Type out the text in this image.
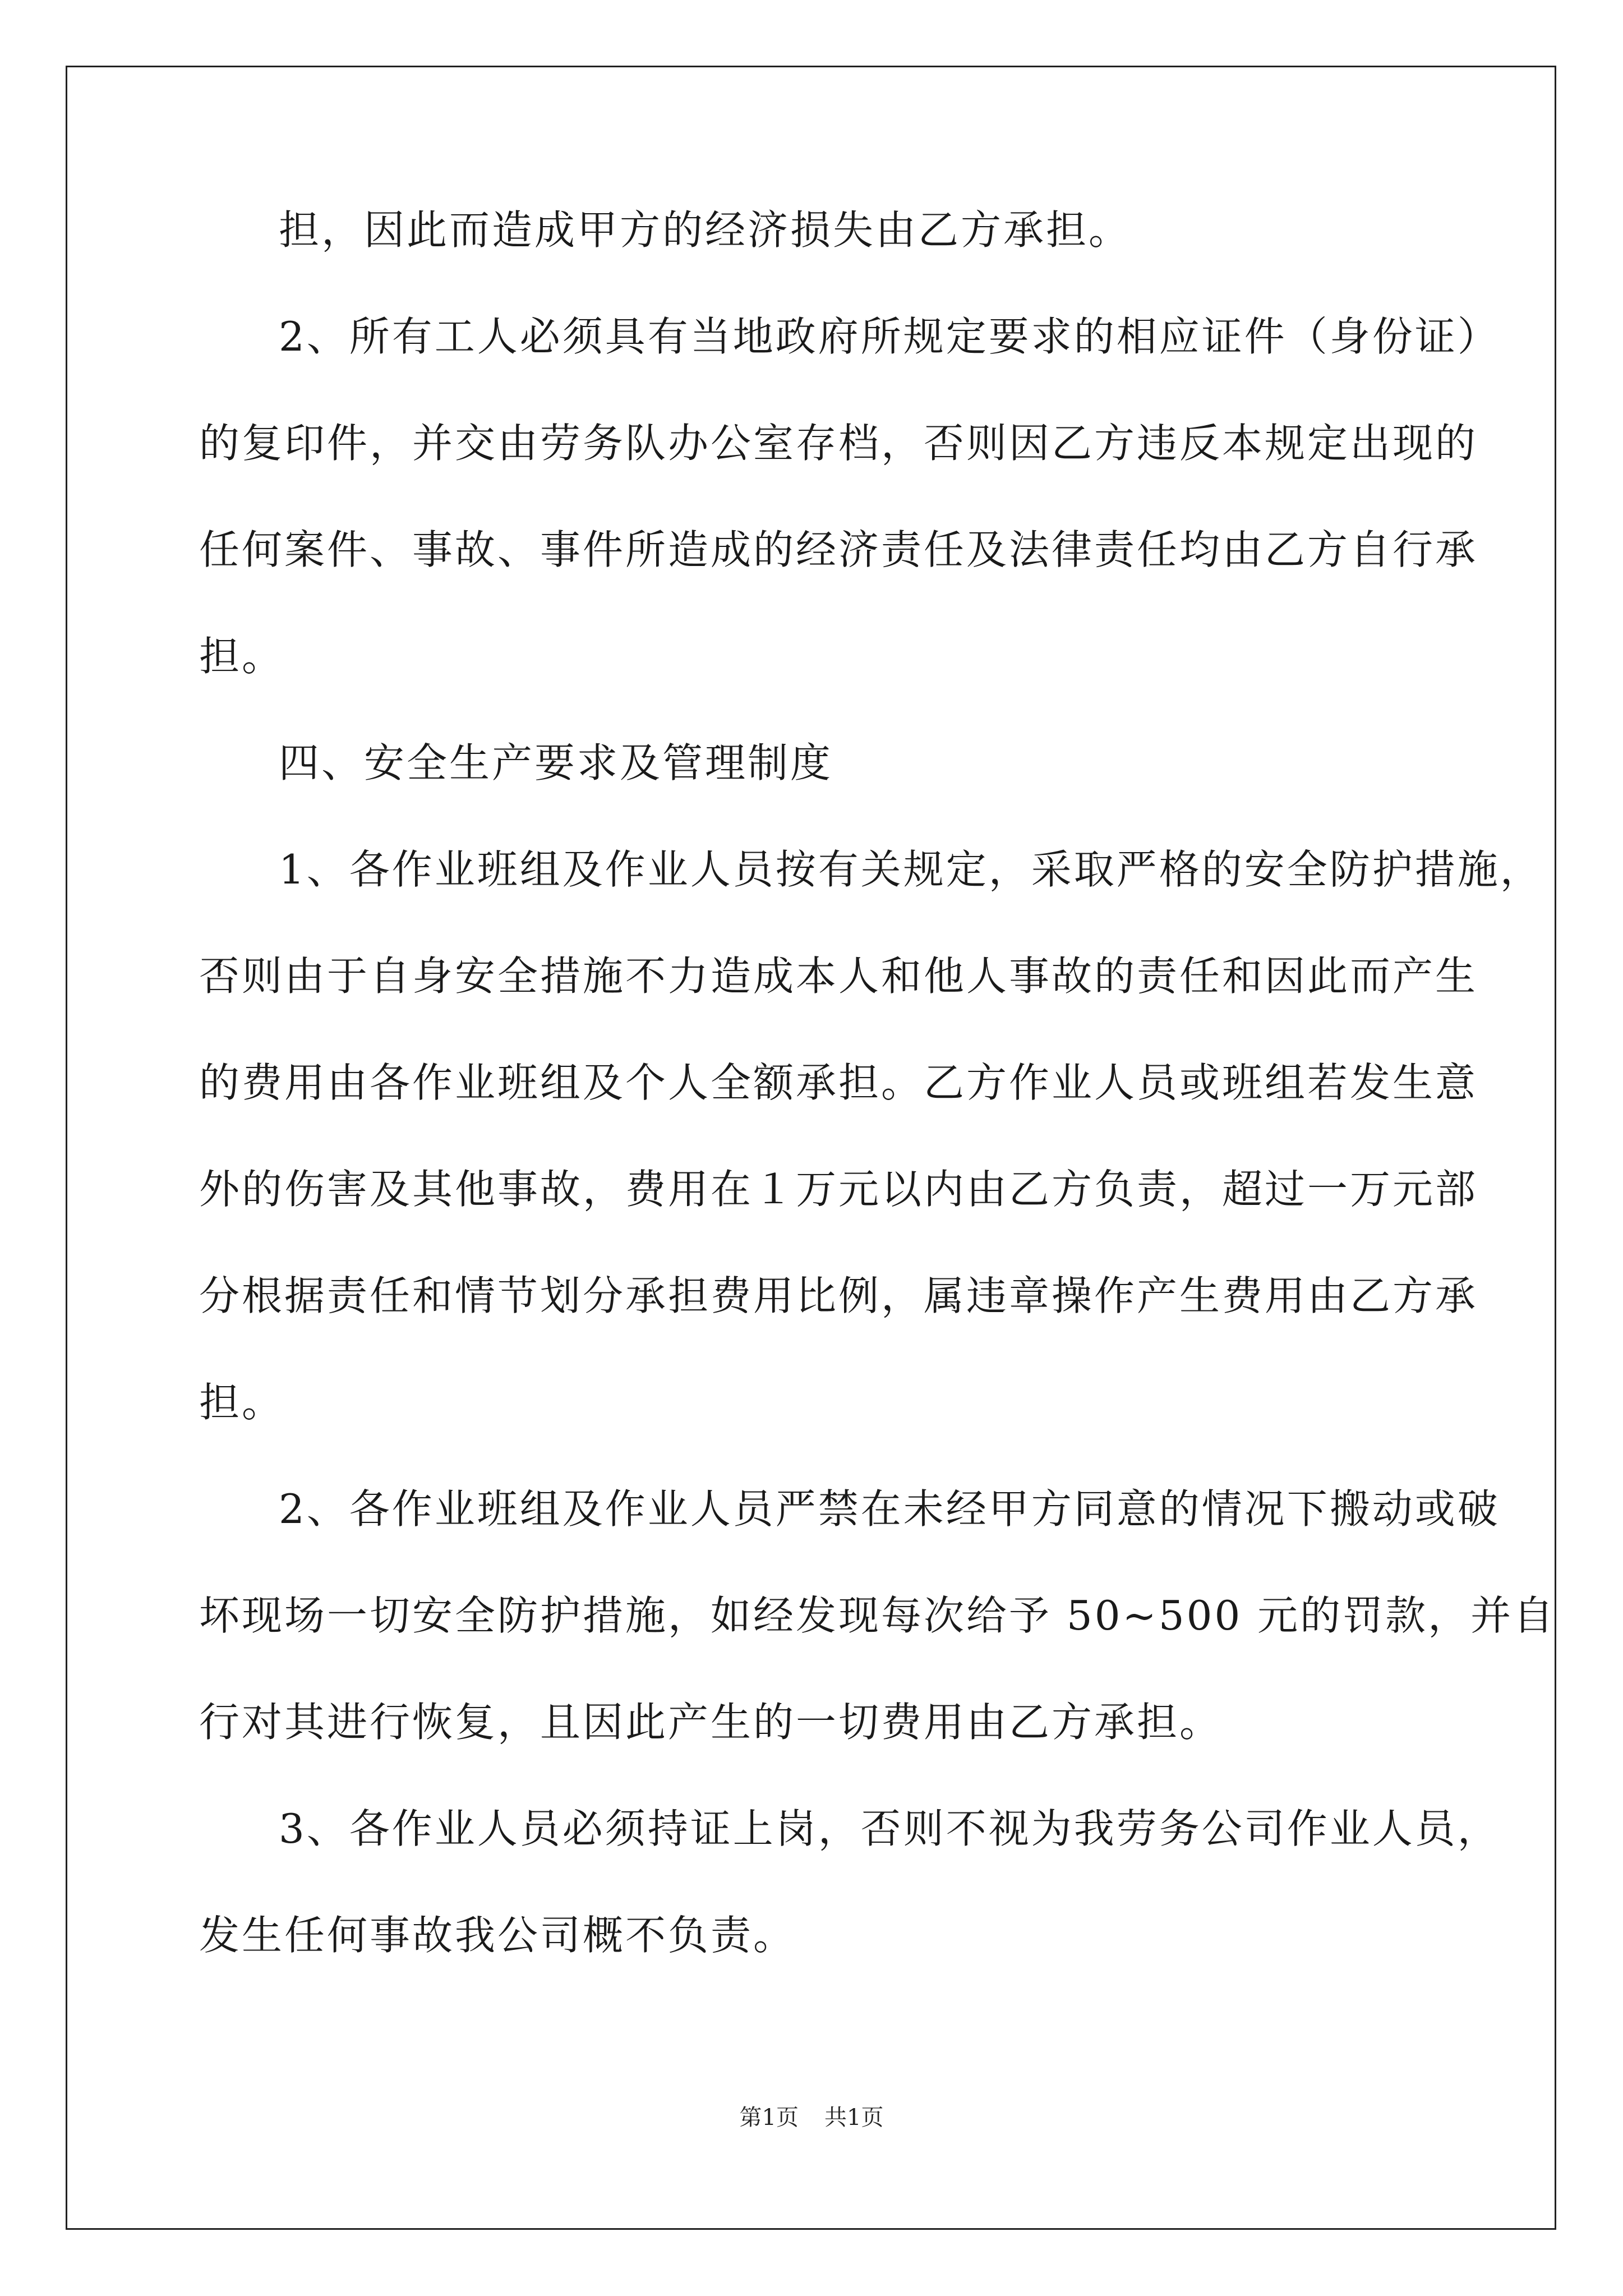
担，因此而造成甲方的经济损失由乙方承担。
2、所有工人必须具有当地政府所规定要求的相应证件（身份证）
的复印件，并交由劳务队办公室存档，否则因乙方违反本规定出现的
任何案件、事故、事件所造成的经济责任及法律责任均由乙方自行承
担。
四、安全生产要求及管理制度
1、各作业班组及作业人员按有关规定，采取严格的安全防护措施，
否则由于自身安全措施不力造成本人和他人事故的责任和因此而产生
的费用由各作业班组及个人全额承担。乙方作业人员或班组若发生意
外的伤害及其他事故，费用在１万元以内由乙方负责，超过一万元部
分根据责任和情节划分承担费用比例，属违章操作产生费用由乙方承
担。
2、各作业班组及作业人员严禁在未经甲方同意的情况下搬动或破
坏现场一切安全防护措施，如经发现每次给予 50~500 元的罚款，并自
行对其进行恢复，且因此产生的一切费用由乙方承担。
3、各作业人员必须持证上岗，否则不视为我劳务公司作业人员，
发生任何事故我公司概不负责。
第1页 共1页
